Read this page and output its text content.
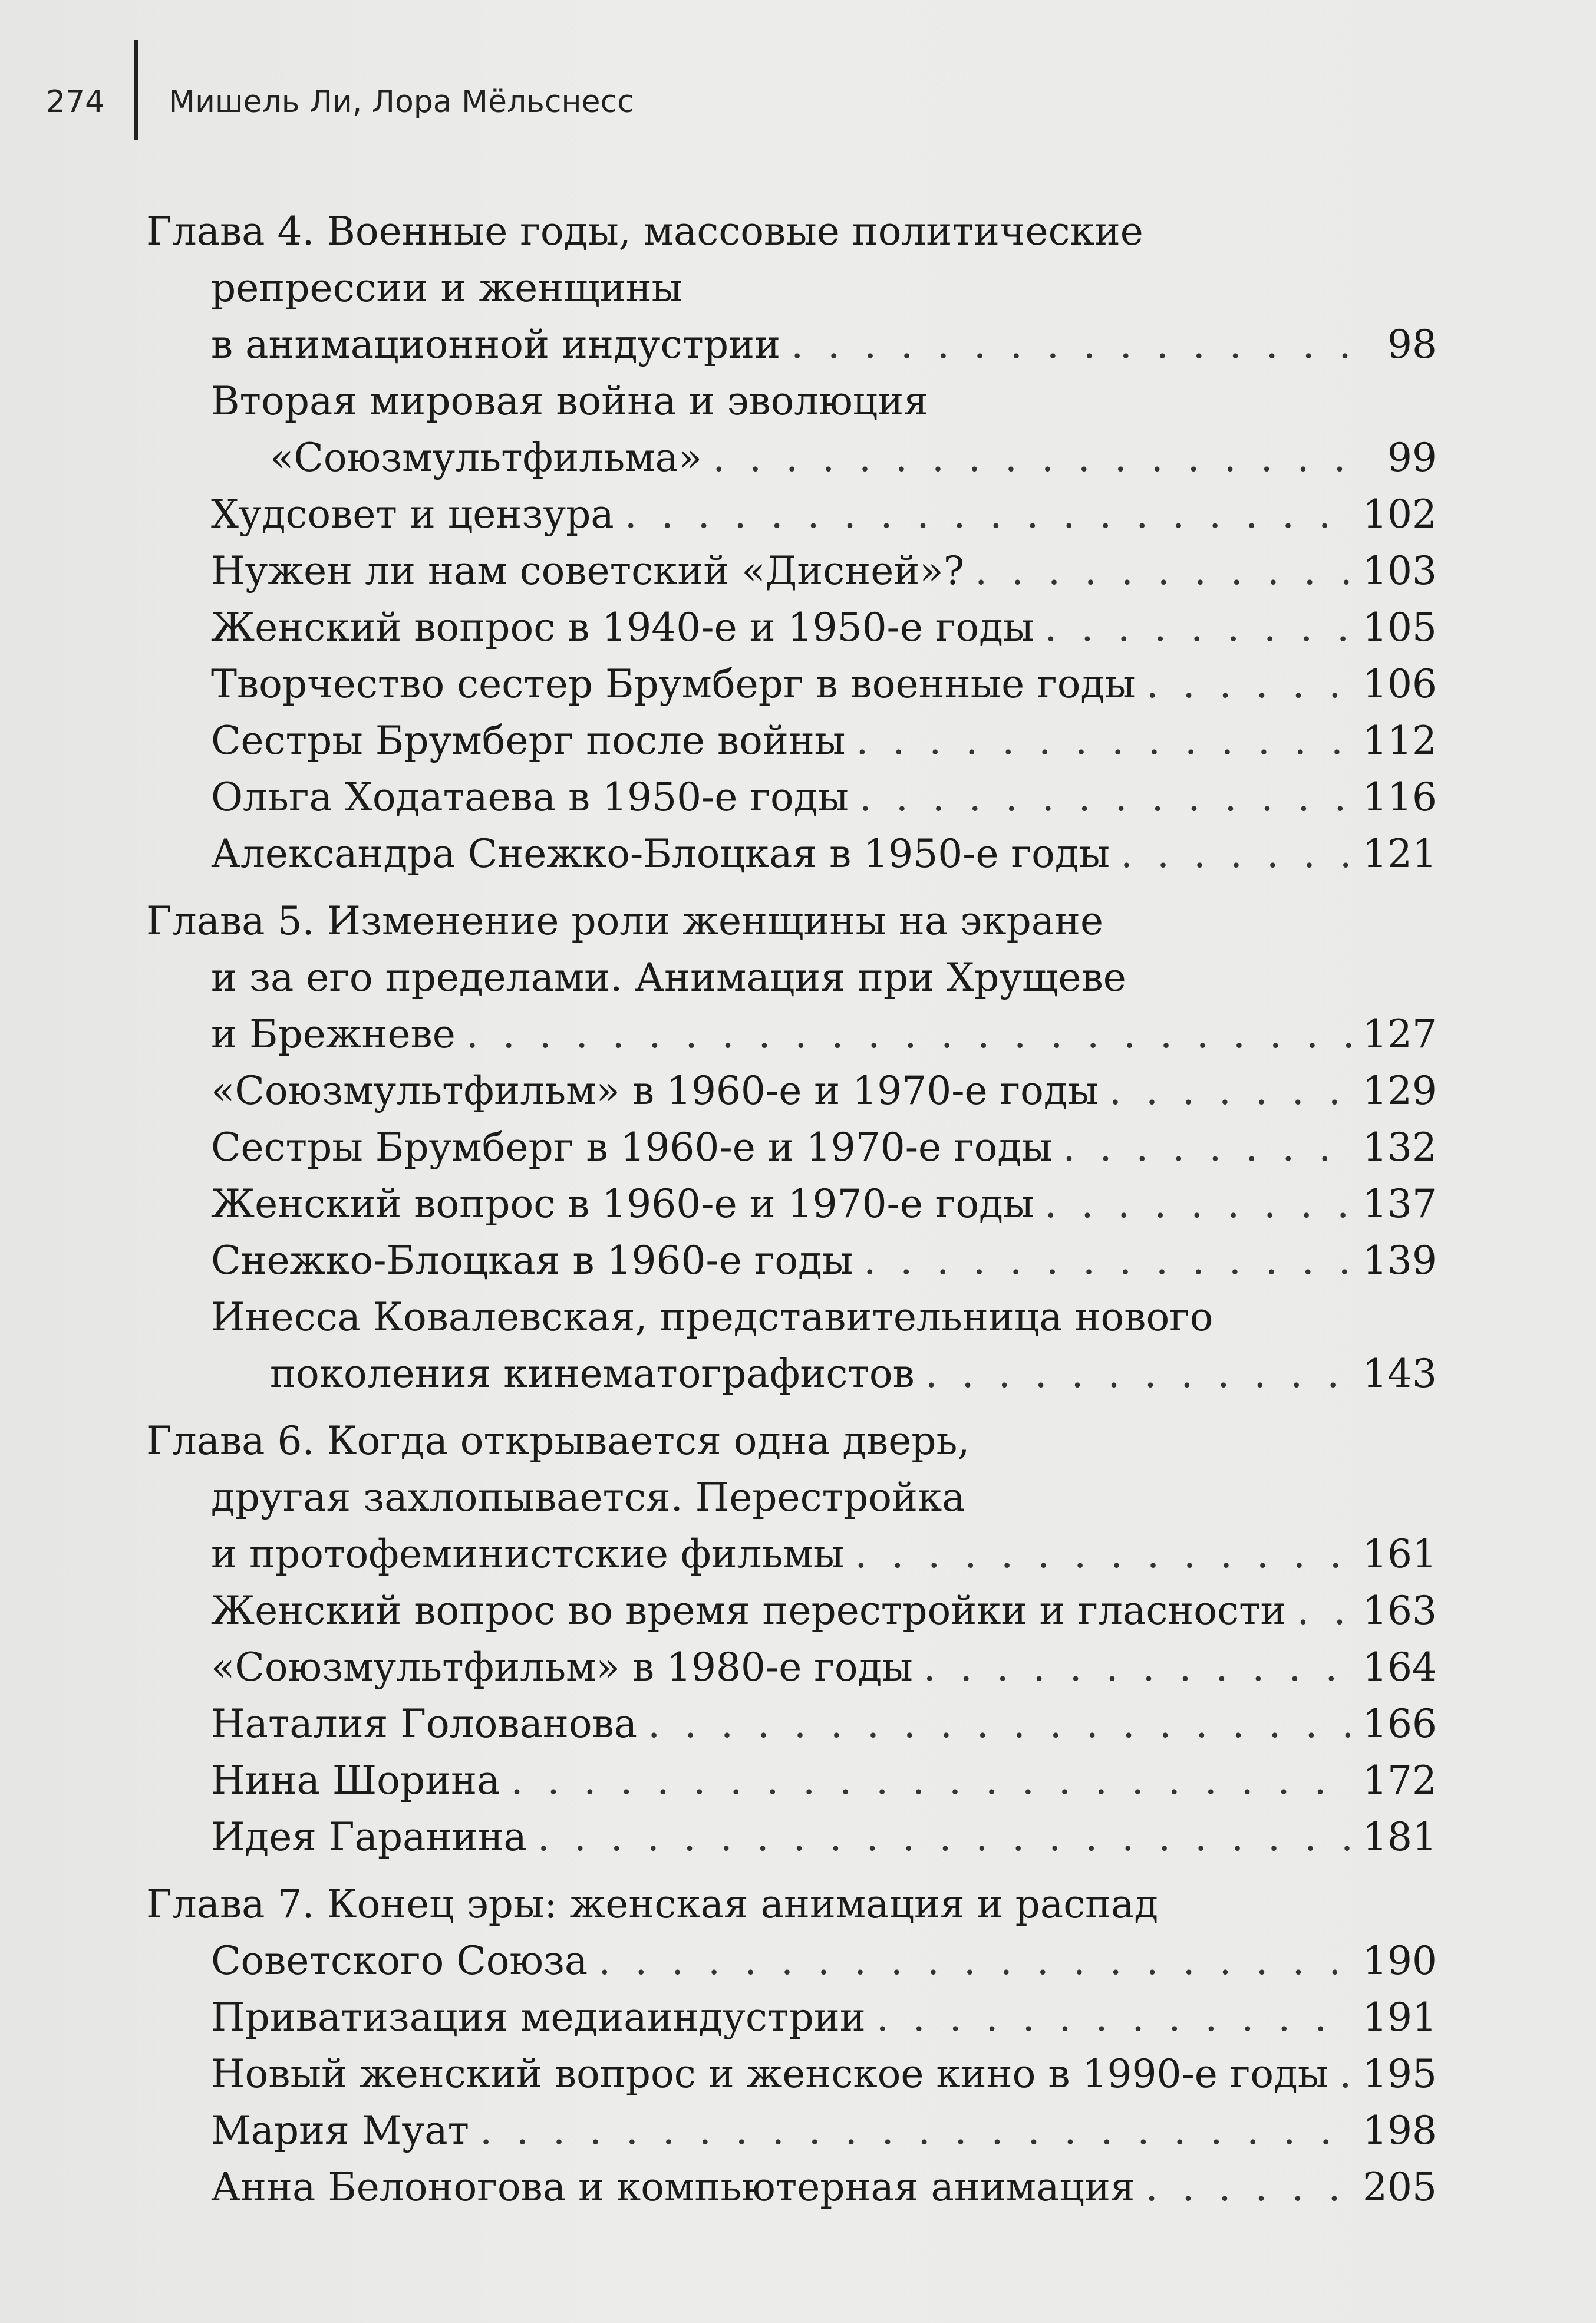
274 Мишель Ли, Лора Мёльснесс
Глава 4. Военные годы, массовые политические
репрессии и женщины
в анимационной индустрии . . .	98
Вторая мировая война и эволюция
«Союзмультфильма» . . .	99
Худсовет и цензура . . .	102
Нужен ли нам советский «Дисней»? . . .	103
Женский вопрос в 1940-е и 1950-е годы . . .	105
Творчество сестер Брумберг в военные годы . . .	106
Сестры Брумберг после войны . . .	112
Ольга Ходатаева в 1950-е годы . . .	116
Александра Снежко-Блоцкая в 1950-е годы . . .	121
Глава 5. Изменение роли женщины на экране
и за его пределами. Анимация при Хрущеве
и Брежневе . . .	127
«Союзмультфильм» в 1960-е и 1970-е годы . . .	129
Сестры Брумберг в 1960-е и 1970-е годы . . .	132
Женский вопрос в 1960-е и 1970-е годы . . .	137
Снежко-Блоцкая в 1960-е годы . . .	139
Инесса Ковалевская, представительница нового
поколения кинематографистов . . .	143
Глава 6. Когда открывается одна дверь,
другая захлопывается. Перестройка
и протофеминистские фильмы . . .	161
Женский вопрос во время перестройки и гласности . . . 163
«Союзмультфильм» в 1980-е годы . . .	164
Наталия Голованова . . .	166
Нина Шорина . . .	172
Идея Гаранина . . .	181
Глава 7. Конец эры: женская анимация и распад
Советского Союза . . .	190
Приватизация медиаиндустрии . . .	191
Новый женский вопрос и женское кино в 1990-е годы . . . 195
Мария Муат . . .	198
Анна Белоногова и компьютерная анимация . . .	205
